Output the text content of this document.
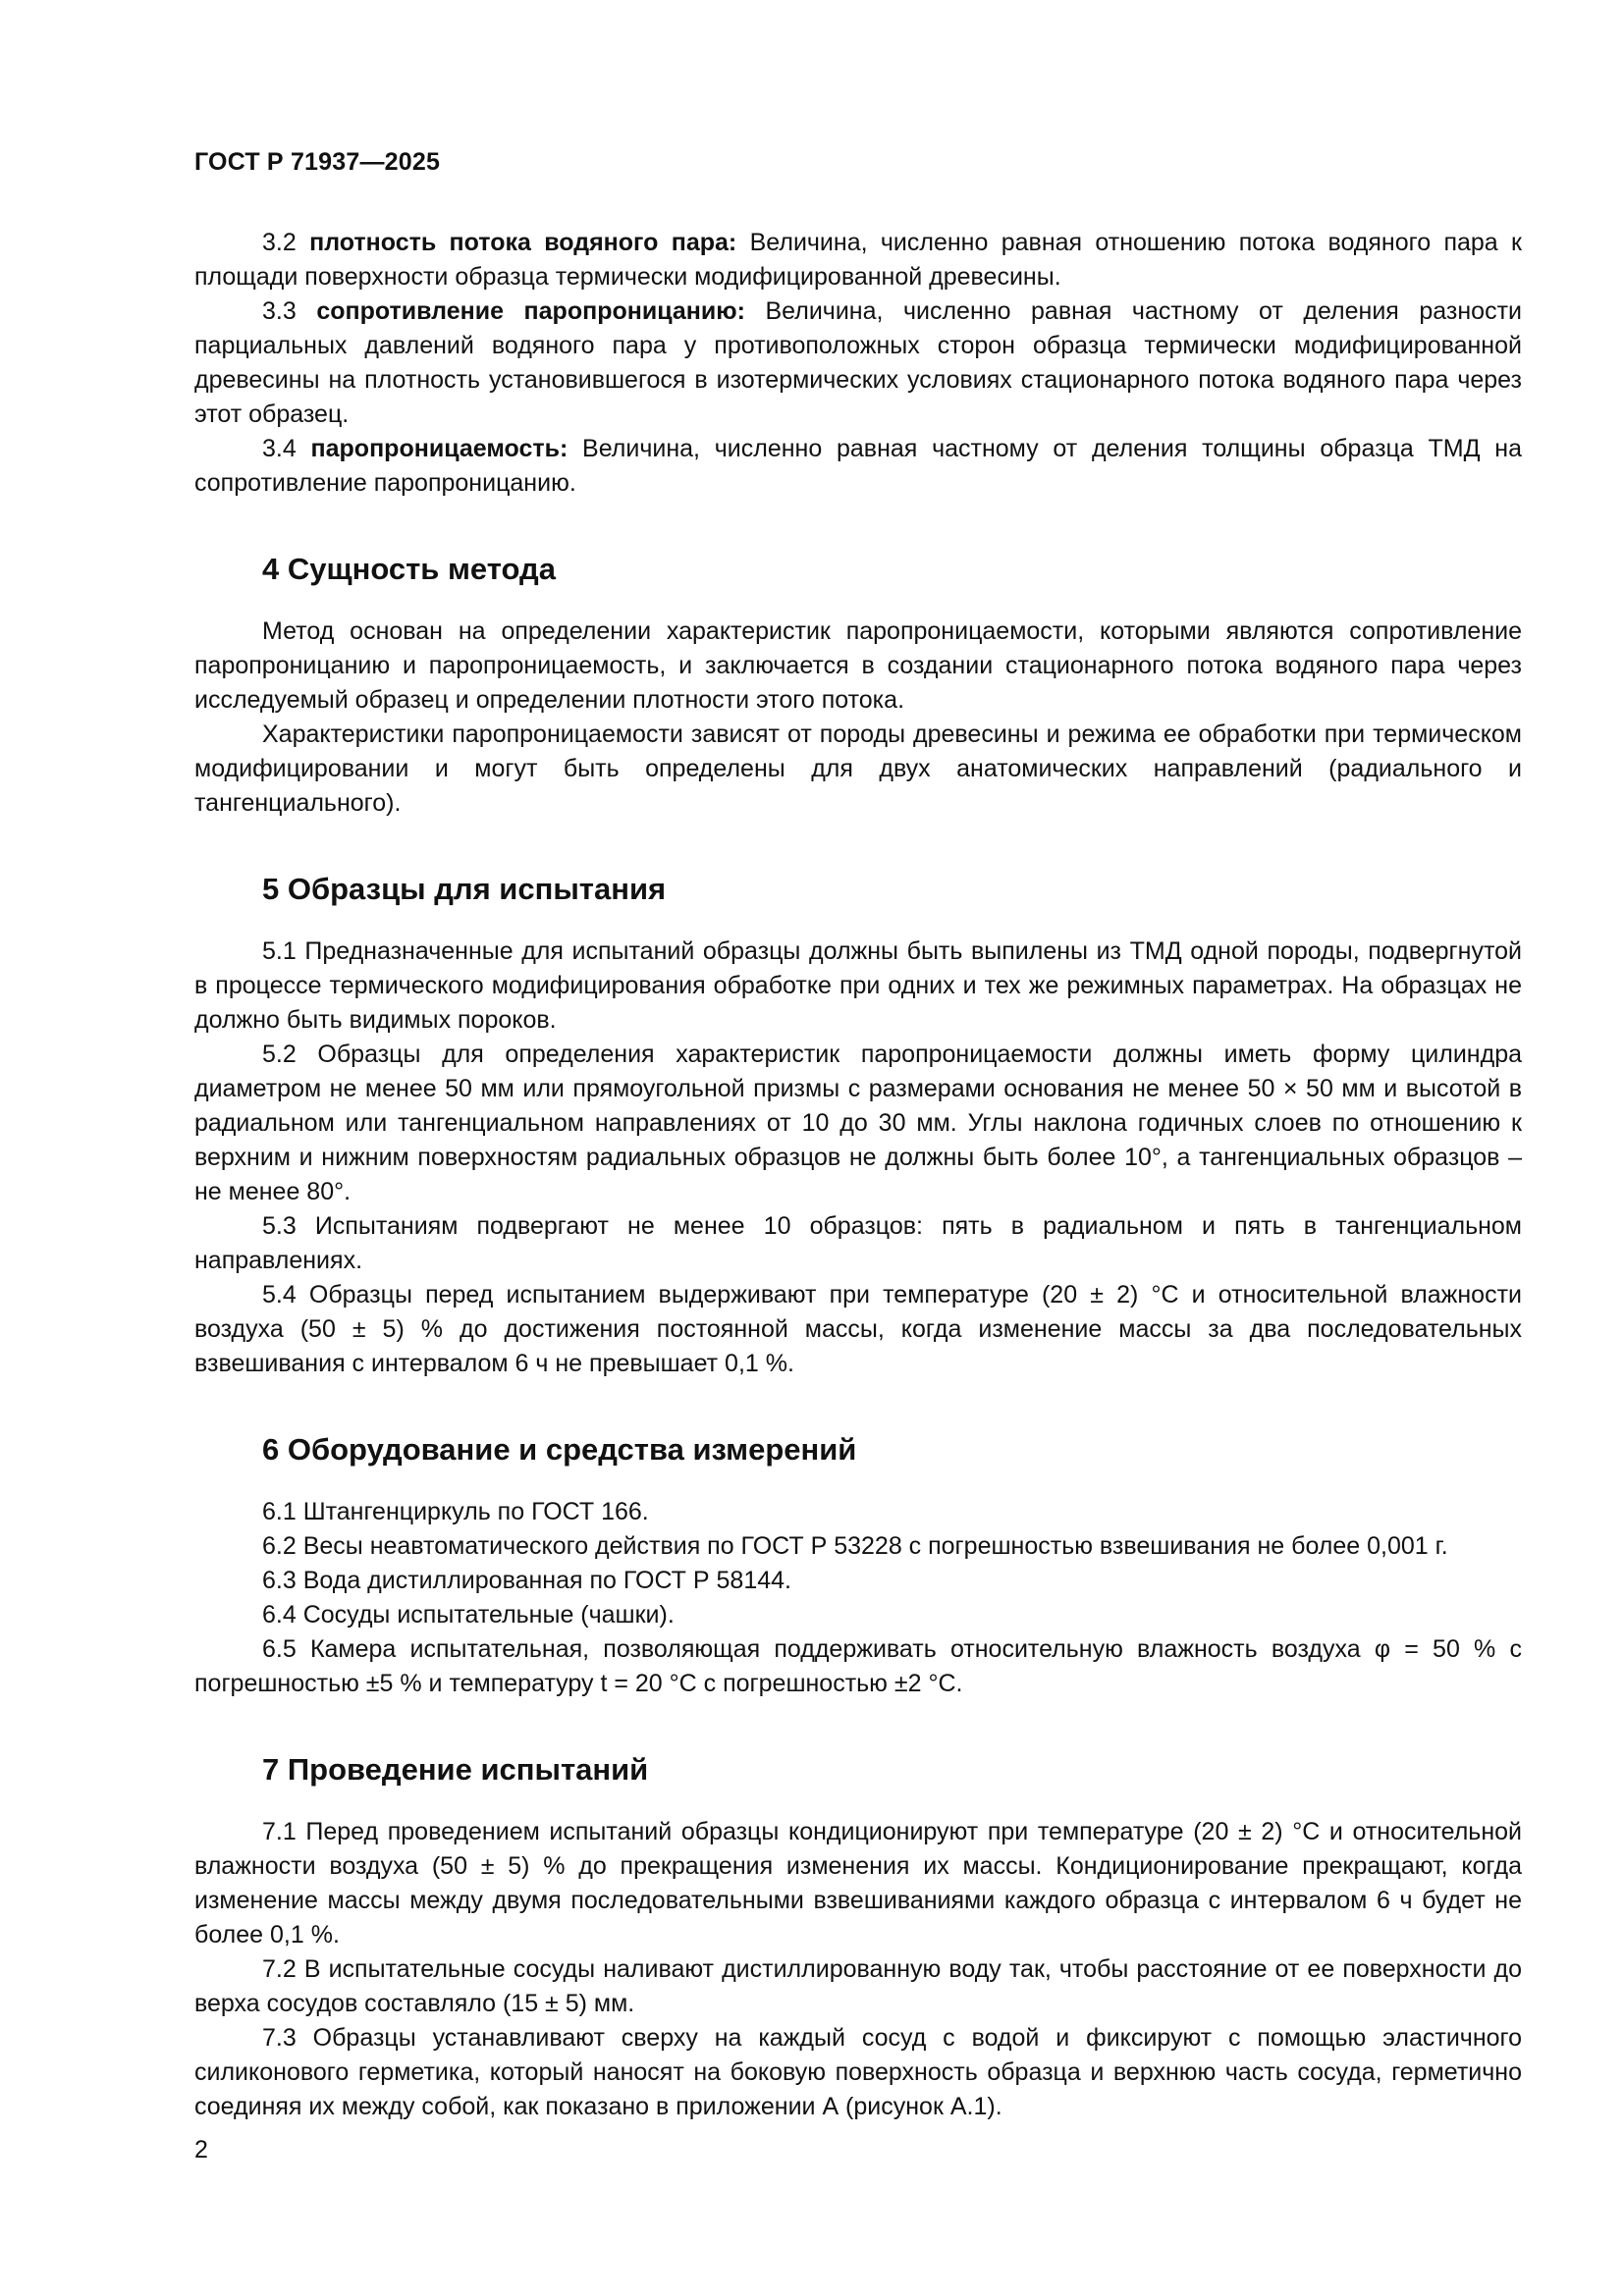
ГОСТ Р 71937—2025

3.2 плотность потока водяного пара: Величина, численно равная отношению потока водяного пара к площади поверхности образца термически модифицированной древесины.

3.3 сопротивление паропроницанию: Величина, численно равная частному от деления разности парциальных давлений водяного пара у противоположных сторон образца термически модифицированной древесины на плотность установившегося в изотермических условиях стационарного потока водяного пара через этот образец.

3.4 паропроницаемость: Величина, численно равная частному от деления толщины образца ТМД на сопротивление паропроницанию.

4 Сущность метода

Метод основан на определении характеристик паропроницаемости, которыми являются сопротивление паропроницанию и паропроницаемость, и заключается в создании стационарного потока водяного пара через исследуемый образец и определении плотности этого потока.

Характеристики паропроницаемости зависят от породы древесины и режима ее обработки при термическом модифицировании и могут быть определены для двух анатомических направлений (радиального и тангенциального).

5 Образцы для испытания

5.1 Предназначенные для испытаний образцы должны быть выпилены из ТМД одной породы, подвергнутой в процессе термического модифицирования обработке при одних и тех же режимных параметрах. На образцах не должно быть видимых пороков.

5.2 Образцы для определения характеристик паропроницаемости должны иметь форму цилиндра диаметром не менее 50 мм или прямоугольной призмы с размерами основания не менее 50 × 50 мм и высотой в радиальном или тангенциальном направлениях от 10 до 30 мм. Углы наклона годичных слоев по отношению к верхним и нижним поверхностям радиальных образцов не должны быть более 10°, а тангенциальных образцов – не менее 80°.

5.3 Испытаниям подвергают не менее 10 образцов: пять в радиальном и пять в тангенциальном направлениях.

5.4 Образцы перед испытанием выдерживают при температуре (20 ± 2) °С и относительной влажности воздуха (50 ± 5) % до достижения постоянной массы, когда изменение массы за два последовательных взвешивания с интервалом 6 ч не превышает 0,1 %.

6 Оборудование и средства измерений

6.1 Штангенциркуль по ГОСТ 166.

6.2 Весы неавтоматического действия по ГОСТ Р 53228 с погрешностью взвешивания не более 0,001 г.

6.3 Вода дистиллированная по ГОСТ Р 58144.

6.4 Сосуды испытательные (чашки).

6.5 Камера испытательная, позволяющая поддерживать относительную влажность воздуха φ = 50 % с погрешностью ±5 % и температуру t = 20 °С с погрешностью ±2 °С.

7 Проведение испытаний

7.1 Перед проведением испытаний образцы кондиционируют при температуре (20 ± 2) °С и относительной влажности воздуха (50 ± 5) % до прекращения изменения их массы. Кондиционирование прекращают, когда изменение массы между двумя последовательными взвешиваниями каждого образца с интервалом 6 ч будет не более 0,1 %.

7.2 В испытательные сосуды наливают дистиллированную воду так, чтобы расстояние от ее поверхности до верха сосудов составляло (15 ± 5) мм.

7.3 Образцы устанавливают сверху на каждый сосуд с водой и фиксируют с помощью эластичного силиконового герметика, который наносят на боковую поверхность образца и верхнюю часть сосуда, герметично соединяя их между собой, как показано в приложении А (рисунок А.1).

2
